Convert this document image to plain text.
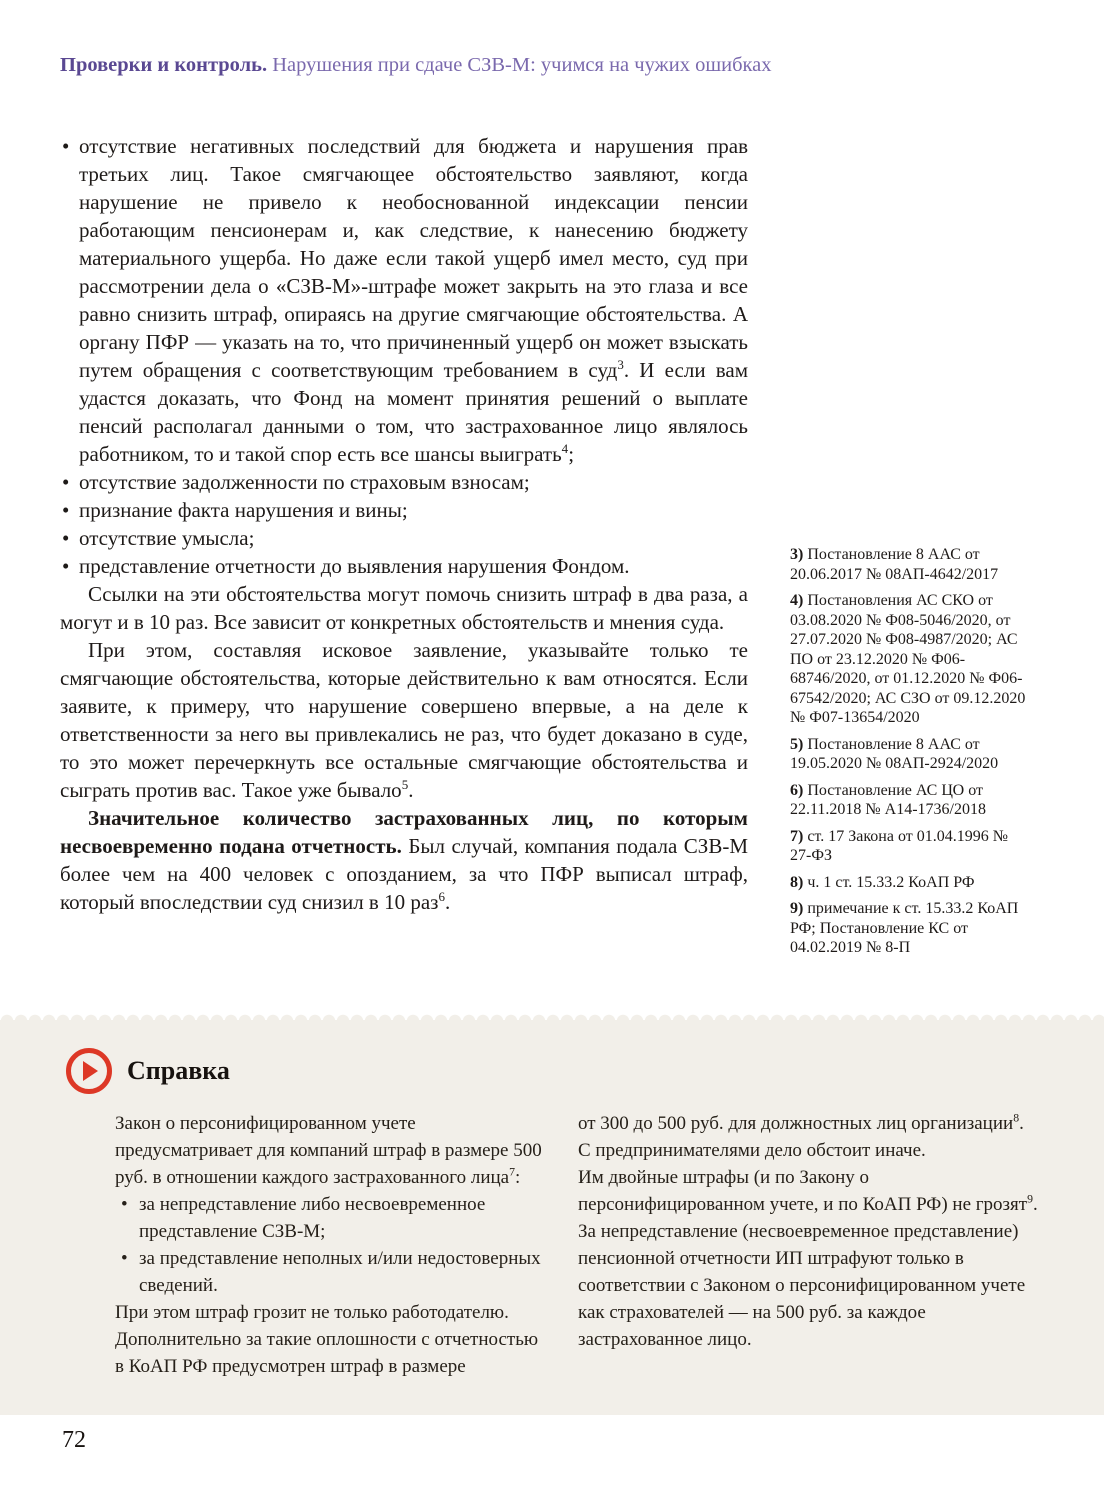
Проверки и контроль. Нарушения при сдаче СЗВ-М: учимся на чужих ошибках
• отсутствие негативных последствий для бюджета и нарушения прав третьих лиц. Такое смягчающее обстоятельство заявляют, когда нарушение не привело к необоснованной индексации пенсии работающим пенсионерам и, как следствие, к нанесению бюджету материального ущерба. Но даже если такой ущерб имел место, суд при рассмотрении дела о «СЗВ-М»-штрафе может закрыть на это глаза и все равно снизить штраф, опираясь на другие смягчающие обстоятельства. А органу ПФР — указать на то, что причиненный ущерб он может взыскать путем обращения с соответствующим требованием в суд$^3$. И если вам удастся доказать, что Фонд на момент принятия решений о выплате пенсий располагал данными о том, что застрахованное лицо являлось работником, то и такой спор есть все шансы выиграть$^4$;
• отсутствие задолженности по страховым взносам;
• признание факта нарушения и вины;
• отсутствие умысла;
• представление отчетности до выявления нарушения Фондом.

Ссылки на эти обстоятельства могут помочь снизить штраф в два раза, а могут и в 10 раз. Все зависит от конкретных обстоятельств и мнения суда.

При этом, составляя исковое заявление, указывайте только те смягчающие обстоятельства, которые действительно к вам относятся. Если заявите, к примеру, что нарушение совершено впервые, а на деле к ответственности за него вы привлекались не раз, что будет доказано в суде, то это может перечеркнуть все остальные смягчающие обстоятельства и сыграть против вас. Такое уже бывало$^5$.

Значительное количество застрахованных лиц, по которым несвоевременно подана отчетность. Был случай, компания подала СЗВ-М более чем на 400 человек с опозданием, за что ПФР выписал штраф, который впоследствии суд снизил в 10 раз$^6$.

3) Постановление 8 ААС от 20.06.2017 № 08АП-4642/2017
4) Постановления АС СКО от 03.08.2020 № Ф08-5046/2020, от 27.07.2020 № Ф08-4987/2020; АС ПО от 23.12.2020 № Ф06-68746/2020, от 01.12.2020 № Ф06-67542/2020; АС СЗО от 09.12.2020 № Ф07-13654/2020
5) Постановление 8 ААС от 19.05.2020 № 08АП-2924/2020
6) Постановление АС ЦО от 22.11.2018 № А14-1736/2018
7) ст. 17 Закона от 01.04.1996 № 27-ФЗ
8) ч. 1 ст. 15.33.2 КоАП РФ
9) примечание к ст. 15.33.2 КоАП РФ; Постановление КС от 04.02.2019 № 8-П
Справка

Закон о персонифицированном учете предусматривает для компаний штраф в размере 500 руб. в отношении каждого застрахованного лица$^7$:

• за непредставление либо несвоевременное представление СЗВ-М;
• за представление неполных и/или недостоверных сведений.

При этом штраф грозит не только работодателю. Дополнительно за такие оплошности с отчетностью в КоАП РФ предусмотрен штраф в размере

от 300 до 500 руб. для должностных лиц организации$^8$.

С предпринимателями дело обстоит иначе.

Им двойные штрафы (и по Закону о персонифицированном учете, и по КоАП РФ) не грозят$^9$.

За непредставление (несвоевременное представление) пенсионной отчетности ИП штрафуют только в соответствии с Законом о персонифицированном учете как страхователей — на 500 руб. за каждое застрахованное лицо.

72
